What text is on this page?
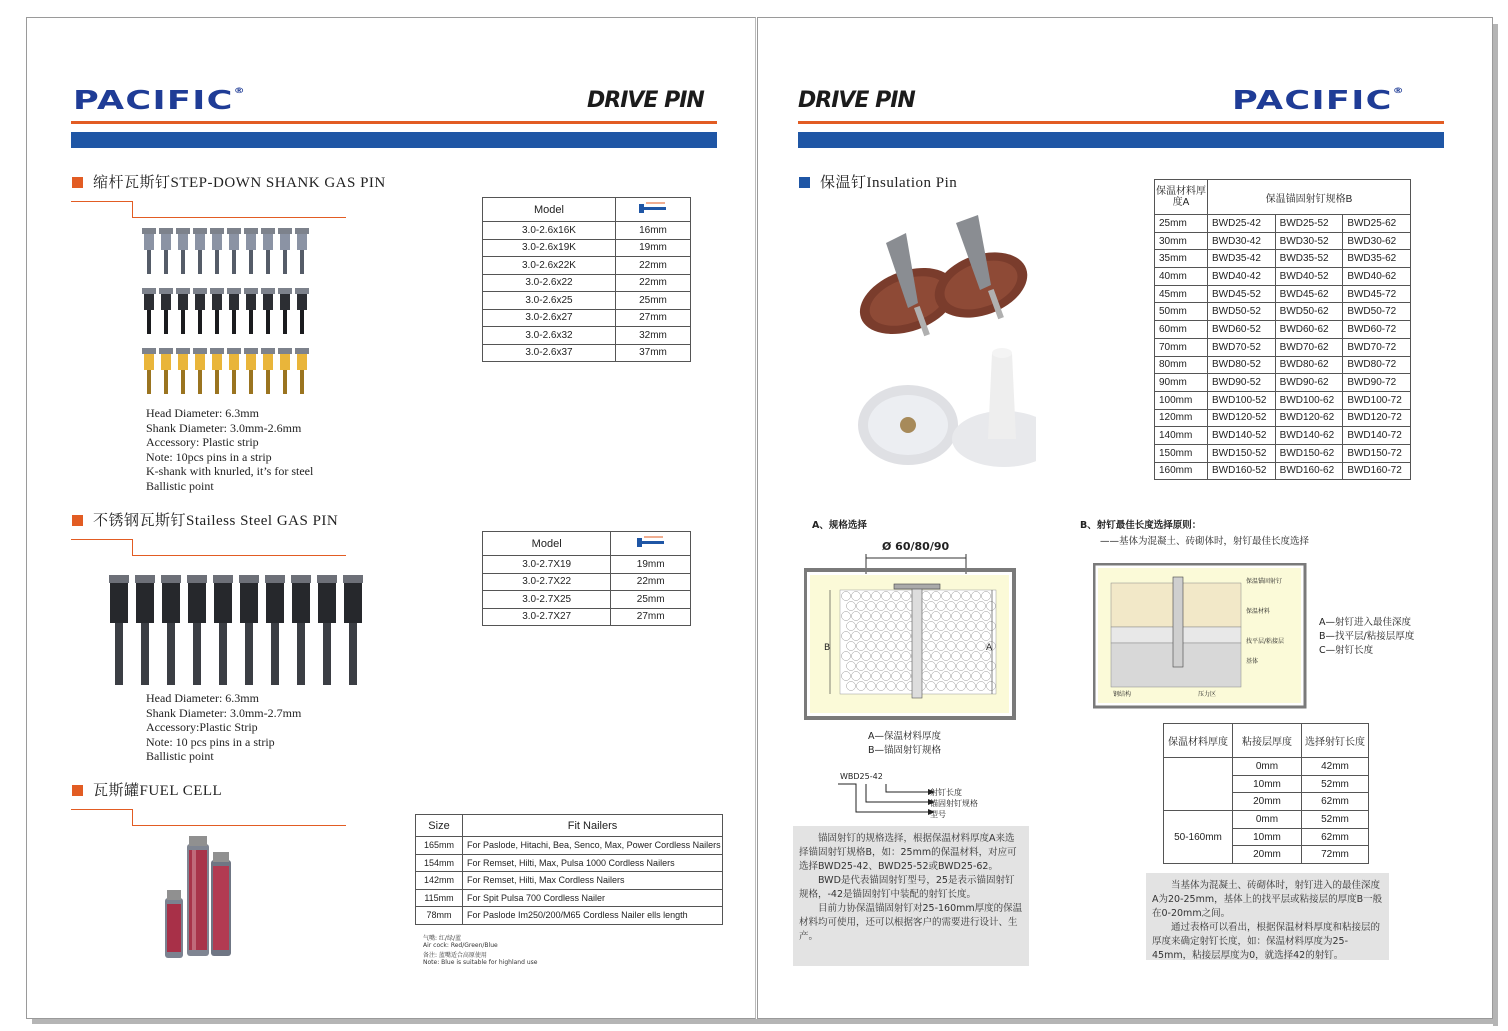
PACIFIC®	DRIVE PIN
缩杆瓦斯钉STEP-DOWN SHANK GAS PIN
Model	
3.0-2.6x16K	16mm
3.0-2.6x19K	19mm
3.0-2.6x22K	22mm
3.0-2.6x22	22mm
3.0-2.6x25	25mm
3.0-2.6x27	27mm
3.0-2.6x32	32mm
3.0-2.6x37	37mm
Head Diameter: 6.3mm
Shank Diameter: 3.0mm-2.6mm
Accessory: Plastic strip
Note: 10pcs pins in a strip
K-shank with knurled, it’s for steel
Ballistic point
不锈钢瓦斯钉Stailess Steel GAS PIN
Model	
3.0-2.7X19	19mm
3.0-2.7X22	22mm
3.0-2.7X25	25mm
3.0-2.7X27	27mm
Head Diameter: 6.3mm
Shank Diameter: 3.0mm-2.7mm
Accessory:Plastic Strip
Note: 10 pcs pins in a strip
Ballistic point
瓦斯罐FUEL CELL
Size	Fit Nailers
165mm	For Paslode, Hitachi, Bea, Senco, Max, Power Cordless Nailers
154mm	For Remset, Hilti, Max, Pulsa 1000 Cordless Nailers
142mm	For Remset, Hilti, Max Cordless Nailers
115mm	For Spit Pulsa 700 Cordless Nailer
78mm	For Paslode Im250/200/M65 Cordless Nailer ells length
气嘴: 红/绿/蓝
Air cock: Red/Green/Blue
备注: 蓝嘴适合高原使用
Note: Blue is suitable for highland use
DRIVE PIN	PACIFIC®
保温钉Insulation Pin
保温材料厚度A	保温锚固射钉规格B		
25mm	BWD25-42	BWD25-52	BWD25-62
30mm	BWD30-42	BWD30-52	BWD30-62
35mm	BWD35-42	BWD35-52	BWD35-62
40mm	BWD40-42	BWD40-52	BWD40-62
45mm	BWD45-52	BWD45-62	BWD45-72
50mm	BWD50-52	BWD50-62	BWD50-72
60mm	BWD60-52	BWD60-62	BWD60-72
70mm	BWD70-52	BWD70-62	BWD70-72
80mm	BWD80-52	BWD80-62	BWD80-72
90mm	BWD90-52	BWD90-62	BWD90-72
100mm	BWD100-52	BWD100-62	BWD100-72
120mm	BWD120-52	BWD120-62	BWD120-72
140mm	BWD140-52	BWD140-62	BWD140-72
150mm	BWD150-52	BWD150-62	BWD150-72
160mm	BWD160-52	BWD160-62	BWD160-72
A、规格选择
Ø 60/80/90
B	A
A—保温材料厚度
B—锚固射钉规格
WBD25-42
射钉长度
锚固射钉规格
型号
锚固射钉的规格选择，根据保温材料厚度A来选择锚固射钉规格B，如：25mm的保温材料，对应可选择BWD25-42、BWD25-52或BWD25-62。
BWD是代表锚固射钉型号，25是表示锚固射钉规格，-42是锚固射钉中装配的射钉长度。
目前力协保温锚固射钉对25-160mm厚度的保温材料均可使用，还可以根据客户的需要进行设计、生产。
B、射钉最佳长度选择原则：
——基体为混凝土、砖砌体时，射钉最佳长度选择
保温锚固射钉
保温材料
找平层/粘接层
基体
钢结构	压力区
A—射钉进入最佳深度
B—找平层/粘接层厚度
C—射钉长度
保温材料厚度	粘接层厚度	选择射钉长度
	0mm	42mm
	10mm	52mm
	20mm	62mm
50-160mm	0mm	52mm
	10mm	62mm
	20mm	72mm
当基体为混凝土、砖砌体时，射钉进入的最佳深度A为20-25mm，基体上的找平层或粘接层的厚度B一般在0-20mm之间。
通过表格可以看出，根据保温材料厚度和粘接层的厚度来确定射钉长度，如：保温材料厚度为25-45mm，粘接层厚度为0，就选择42的射钉。
